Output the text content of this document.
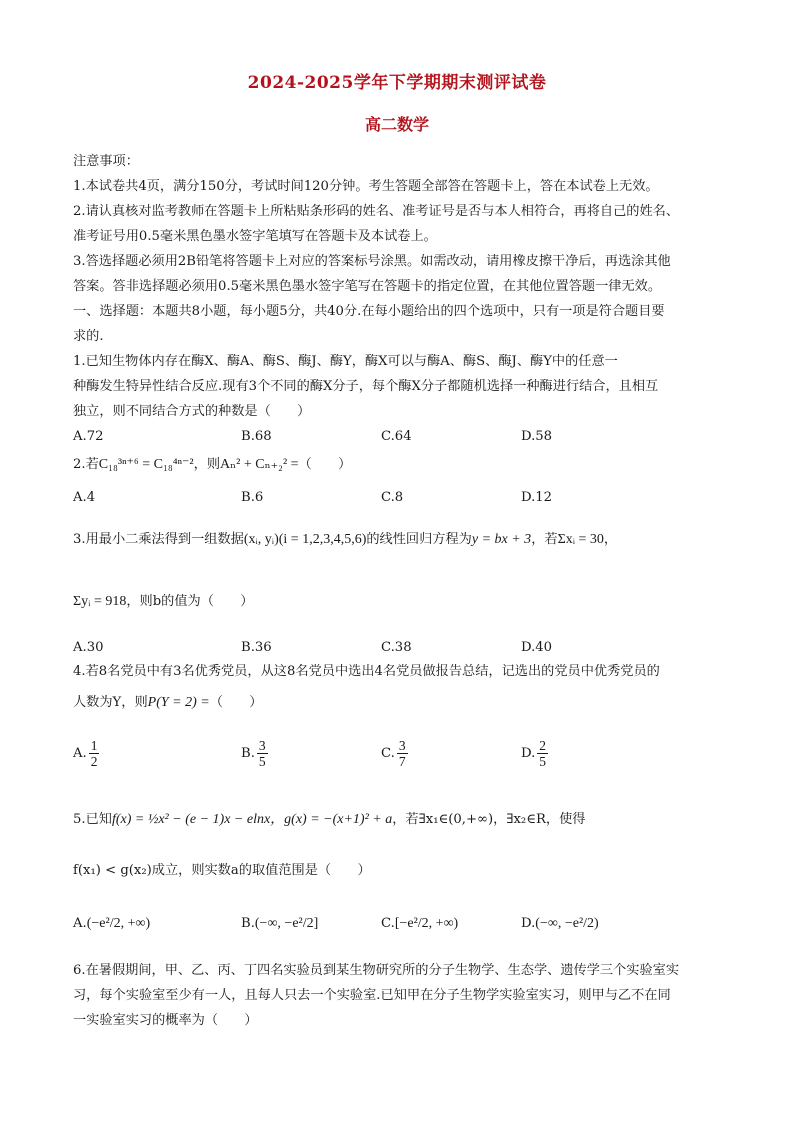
2024-2025学年下学期期末测评试卷
高二数学
注意事项：
1.本试卷共4页，满分150分，考试时间120分钟。考生答题全部答在答题卡上，答在本试卷上无效。
2.请认真核对监考教师在答题卡上所粘贴条形码的姓名、准考证号是否与本人相符合，再将自己的姓名、
准考证号用0.5毫米黑色墨水签字笔填写在答题卡及本试卷上。
3.答选择题必须用2B铅笔将答题卡上对应的答案标号涂黑。如需改动，请用橡皮擦干净后，再选涂其他
答案。答非选择题必须用0.5毫米黑色墨水签字笔写在答题卡的指定位置，在其他位置答题一律无效。
一、选择题：本题共8小题，每小题5分，共40分.在每小题给出的四个选项中，只有一项是符合题目要
求的.
1.已知生物体内存在酶X、酶A、酶S、酶J、酶Y，酶X可以与酶A、酶S、酶J、酶Y中的任意一
种酶发生特异性结合反应.现有3个不同的酶X分子，每个酶X分子都随机选择一种酶进行结合，且相互
独立，则不同结合方式的种数是（　　）
A.72	B.68	C.64	D.58
2.若C₁₈³ⁿ⁺⁶ = C₁₈⁴ⁿ⁻²，则Aₙ² + Cₙ₊₂² =（　　）
A.4	B.6	C.8	D.12
3.用最小二乘法得到一组数据(xᵢ, yᵢ)(i = 1,2,3,4,5,6)的线性回归方程为y = bx + 3，若Σxᵢ = 30，
Σyᵢ = 918，则b的值为（　　）
A.30	B.36	C.38	D.40
4.若8名党员中有3名优秀党员，从这8名党员中选出4名党员做报告总结，记选出的党员中优秀党员的
人数为Y，则P(Y = 2) =（　　）
A. $\frac{1}{2}$	B. $\frac{3}{5}$	C. $\frac{3}{7}$	D. $\frac{2}{5}$
5.已知f(x) = ½x² − (e − 1)x − elnx，g(x) = −(x+1)² + a，若∃x₁∈(0,+∞)，∃x₂∈R，使得
f(x₁) < g(x₂)成立，则实数a的取值范围是（　　）
A.(−e²/2, +∞)	B.(−∞, −e²/2]	C.[−e²/2, +∞)	D.(−∞, −e²/2)
6.在暑假期间，甲、乙、丙、丁四名实验员到某生物研究所的分子生物学、生态学、遗传学三个实验室实
习，每个实验室至少有一人，且每人只去一个实验室.已知甲在分子生物学实验室实习，则甲与乙不在同
一实验室实习的概率为（　　）
